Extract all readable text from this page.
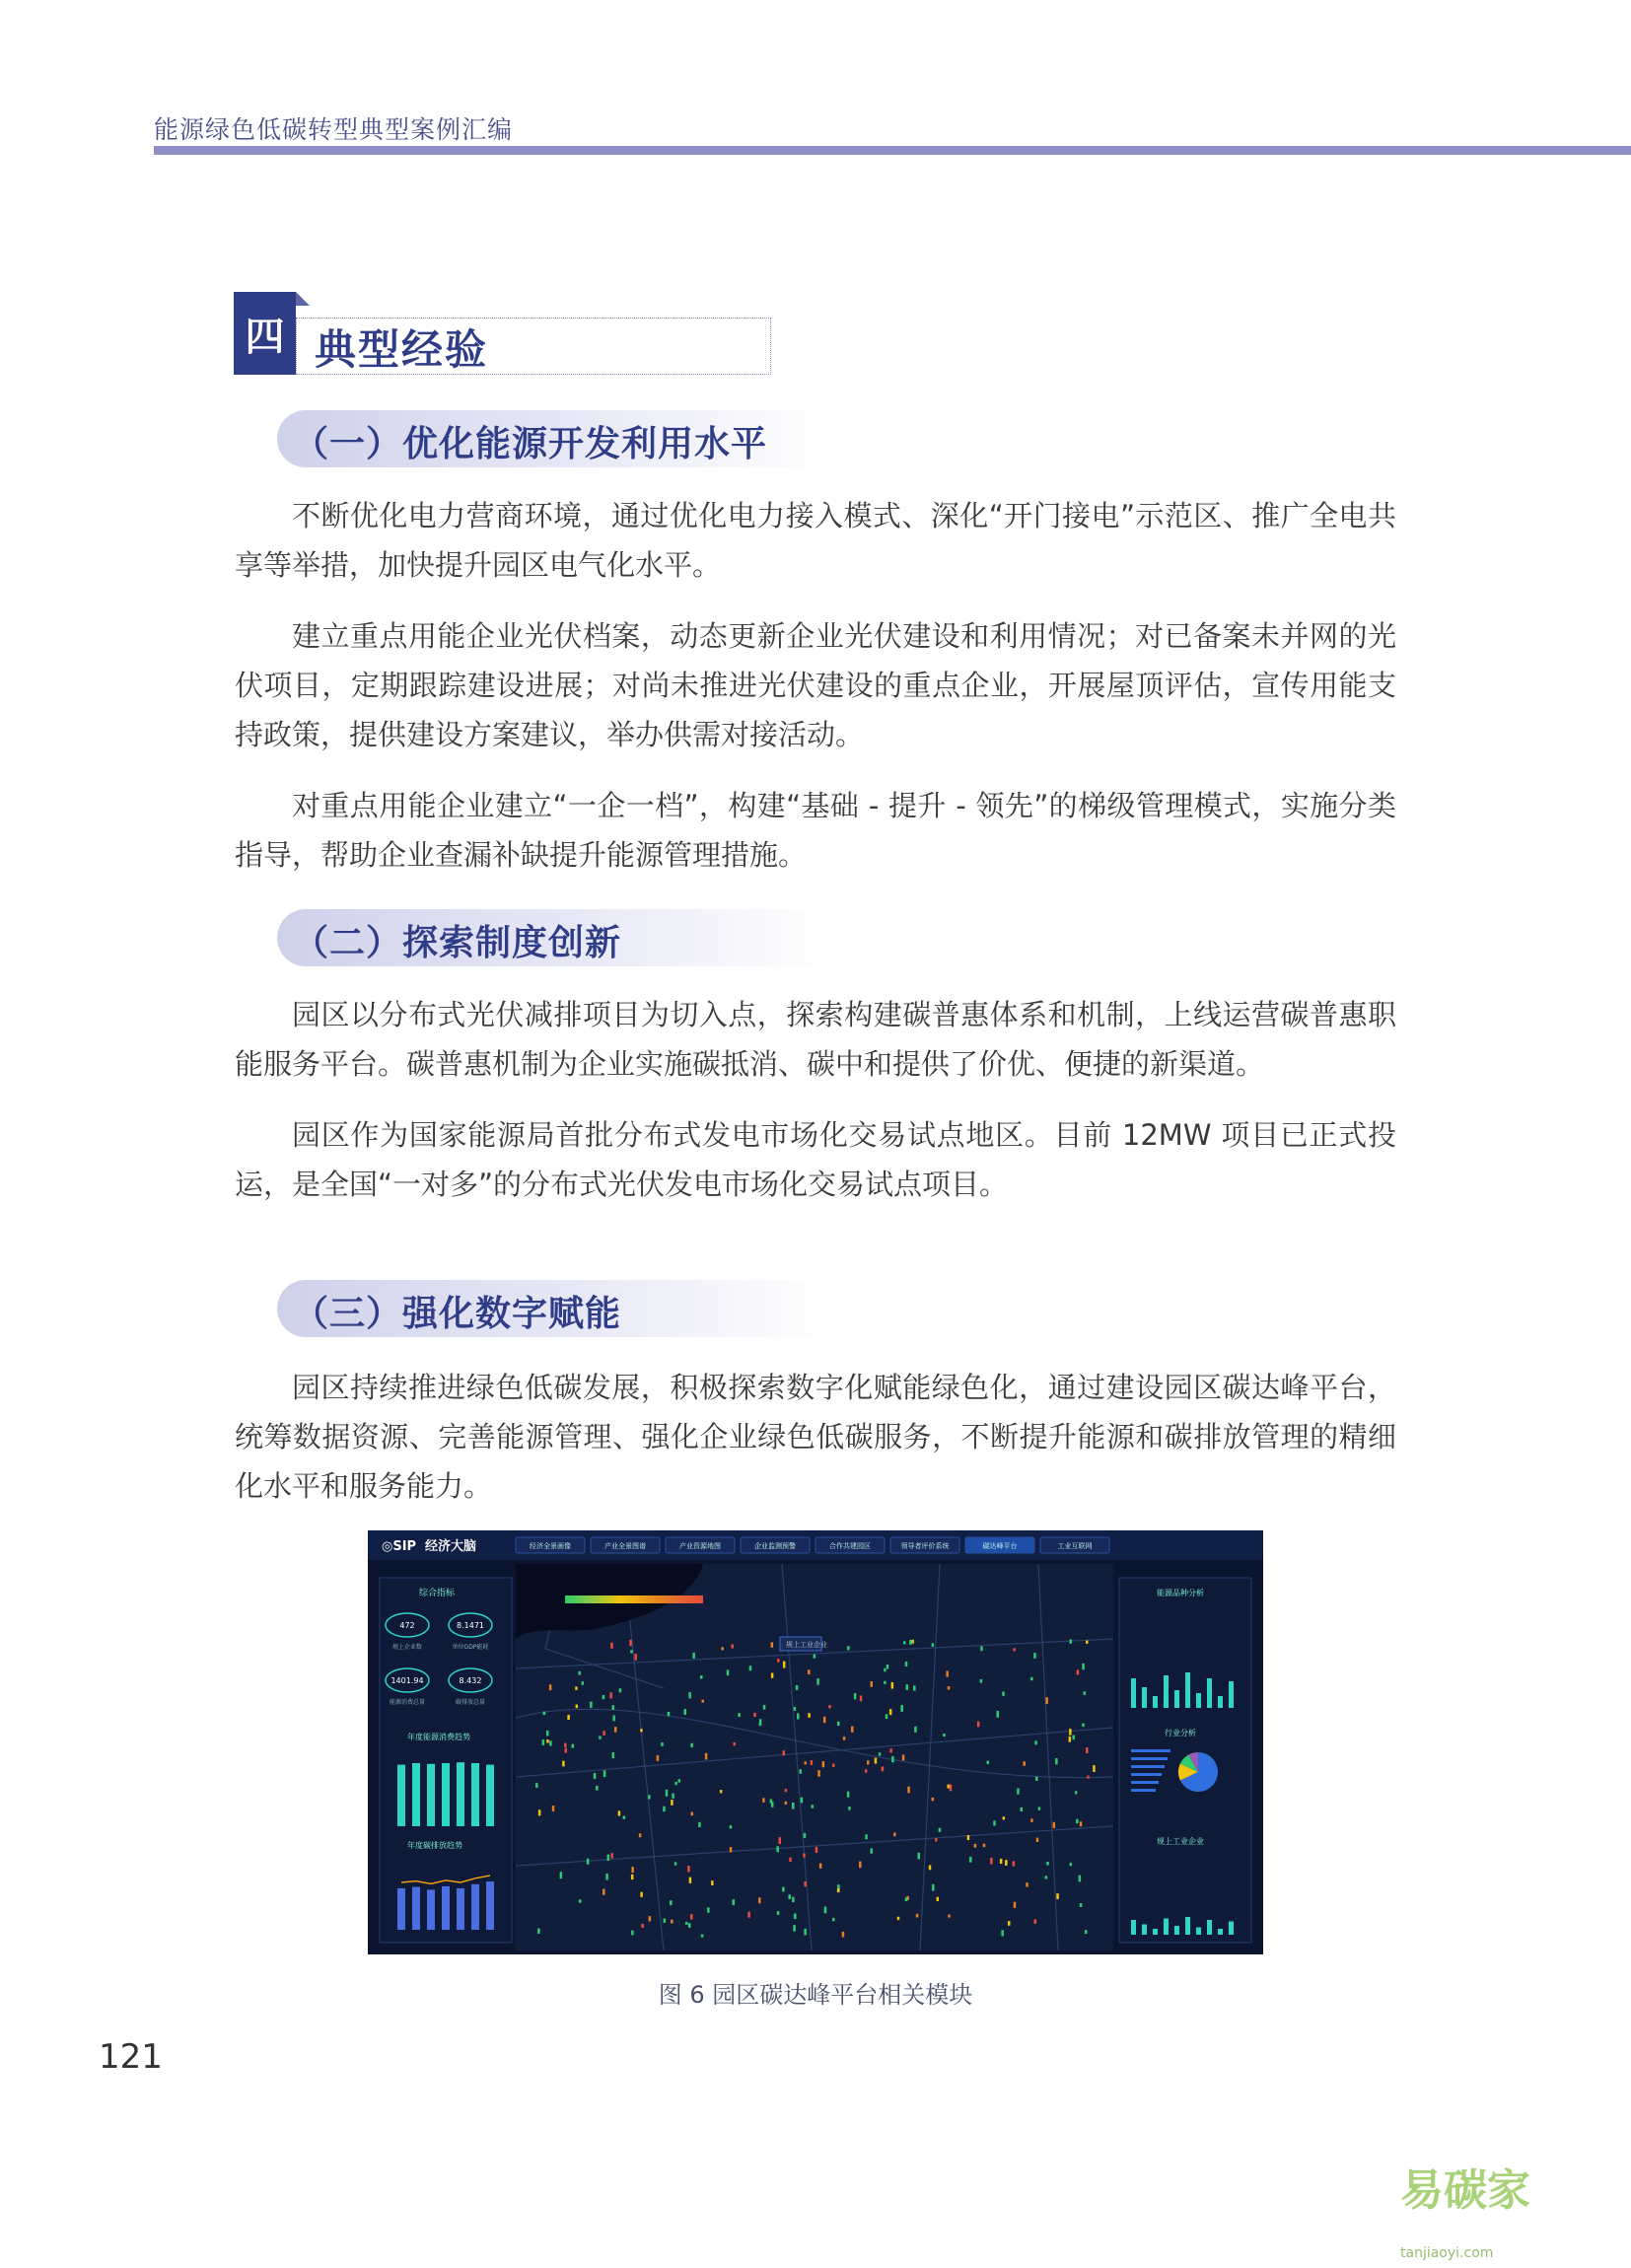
能源绿色低碳转型典型案例汇编
四 典型经验
（一）优化能源开发利用水平

不断优化电力营商环境，通过优化电力接入模式、深化“开门接电”示范区、推广全电共享等举措，加快提升园区电气化水平。

建立重点用能企业光伏档案，动态更新企业光伏建设和利用情况；对已备案未并网的光伏项目，定期跟踪建设进展；对尚未推进光伏建设的重点企业，开展屋顶评估，宣传用能支持政策，提供建设方案建议，举办供需对接活动。

对重点用能企业建立“一企一档”，构建“基础 - 提升 - 领先”的梯级管理模式，实施分类指导，帮助企业查漏补缺提升能源管理措施。

（二）探索制度创新

园区以分布式光伏减排项目为切入点，探索构建碳普惠体系和机制，上线运营碳普惠职能服务平台。碳普惠机制为企业实施碳抵消、碳中和提供了价优、便捷的新渠道。

园区作为国家能源局首批分布式发电市场化交易试点地区。目前 12MW 项目已正式投运，是全国“一对多”的分布式光伏发电市场化交易试点项目。

（三）强化数字赋能

园区持续推进绿色低碳发展，积极探索数字化赋能绿色化，通过建设园区碳达峰平台，统筹数据资源、完善能源管理、强化企业绿色低碳服务，不断提升能源和碳排放管理的精细化水平和服务能力。

◎SIP 经济大脑	经济全景画像	产业全景图谱	产业资源地图	企业监测预警	合作共建园区	领导者评价系统	碳达峰平台	工业互联网
规上工业企业
综合指标
472
规上企业数
8.1471
单位GDP能耗
1401.94
能源消费总量
8.432
碳排放总量
年度能源消费趋势
年度碳排放趋势
能源品种分析
行业分析
规上工业企业
图 6 园区碳达峰平台相关模块
121
易碳家 tanjiaoyi.com
